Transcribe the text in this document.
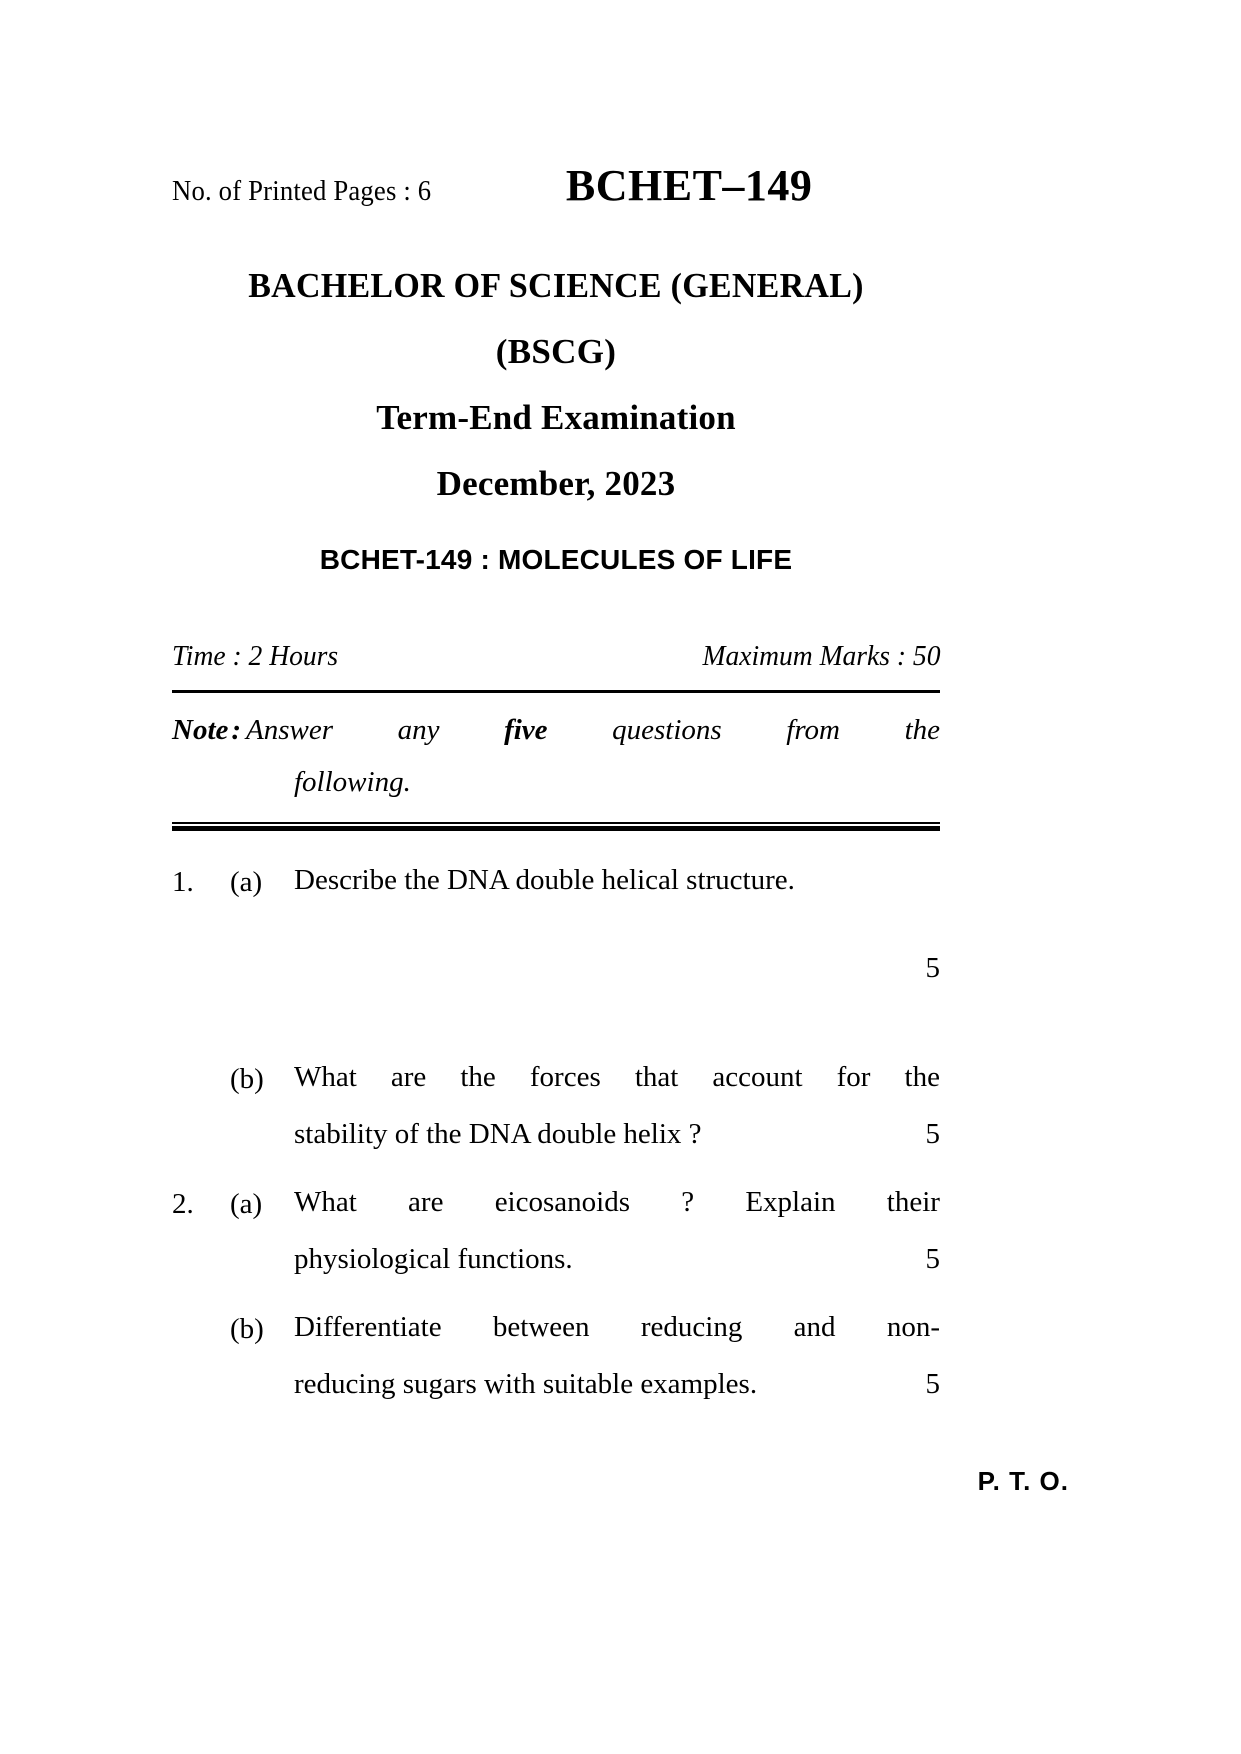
No. of Printed Pages : 6	BCHET–149
BACHELOR OF SCIENCE (GENERAL)
(BSCG)
Term-End Examination
December, 2023
BCHET-149 : MOLECULES OF LIFE
Time : 2 Hours	Maximum Marks : 50
Note : Answer any five questions from the
following.
1.	(a)	Describe the DNA double helical structure.
5
(b)	What are the forces that account for the
stability of the DNA double helix ?	5
2.	(a)	What are eicosanoids ? Explain their
physiological functions.	5
(b)	Differentiate between reducing and non-
reducing sugars with suitable examples.	5
P. T. O.
